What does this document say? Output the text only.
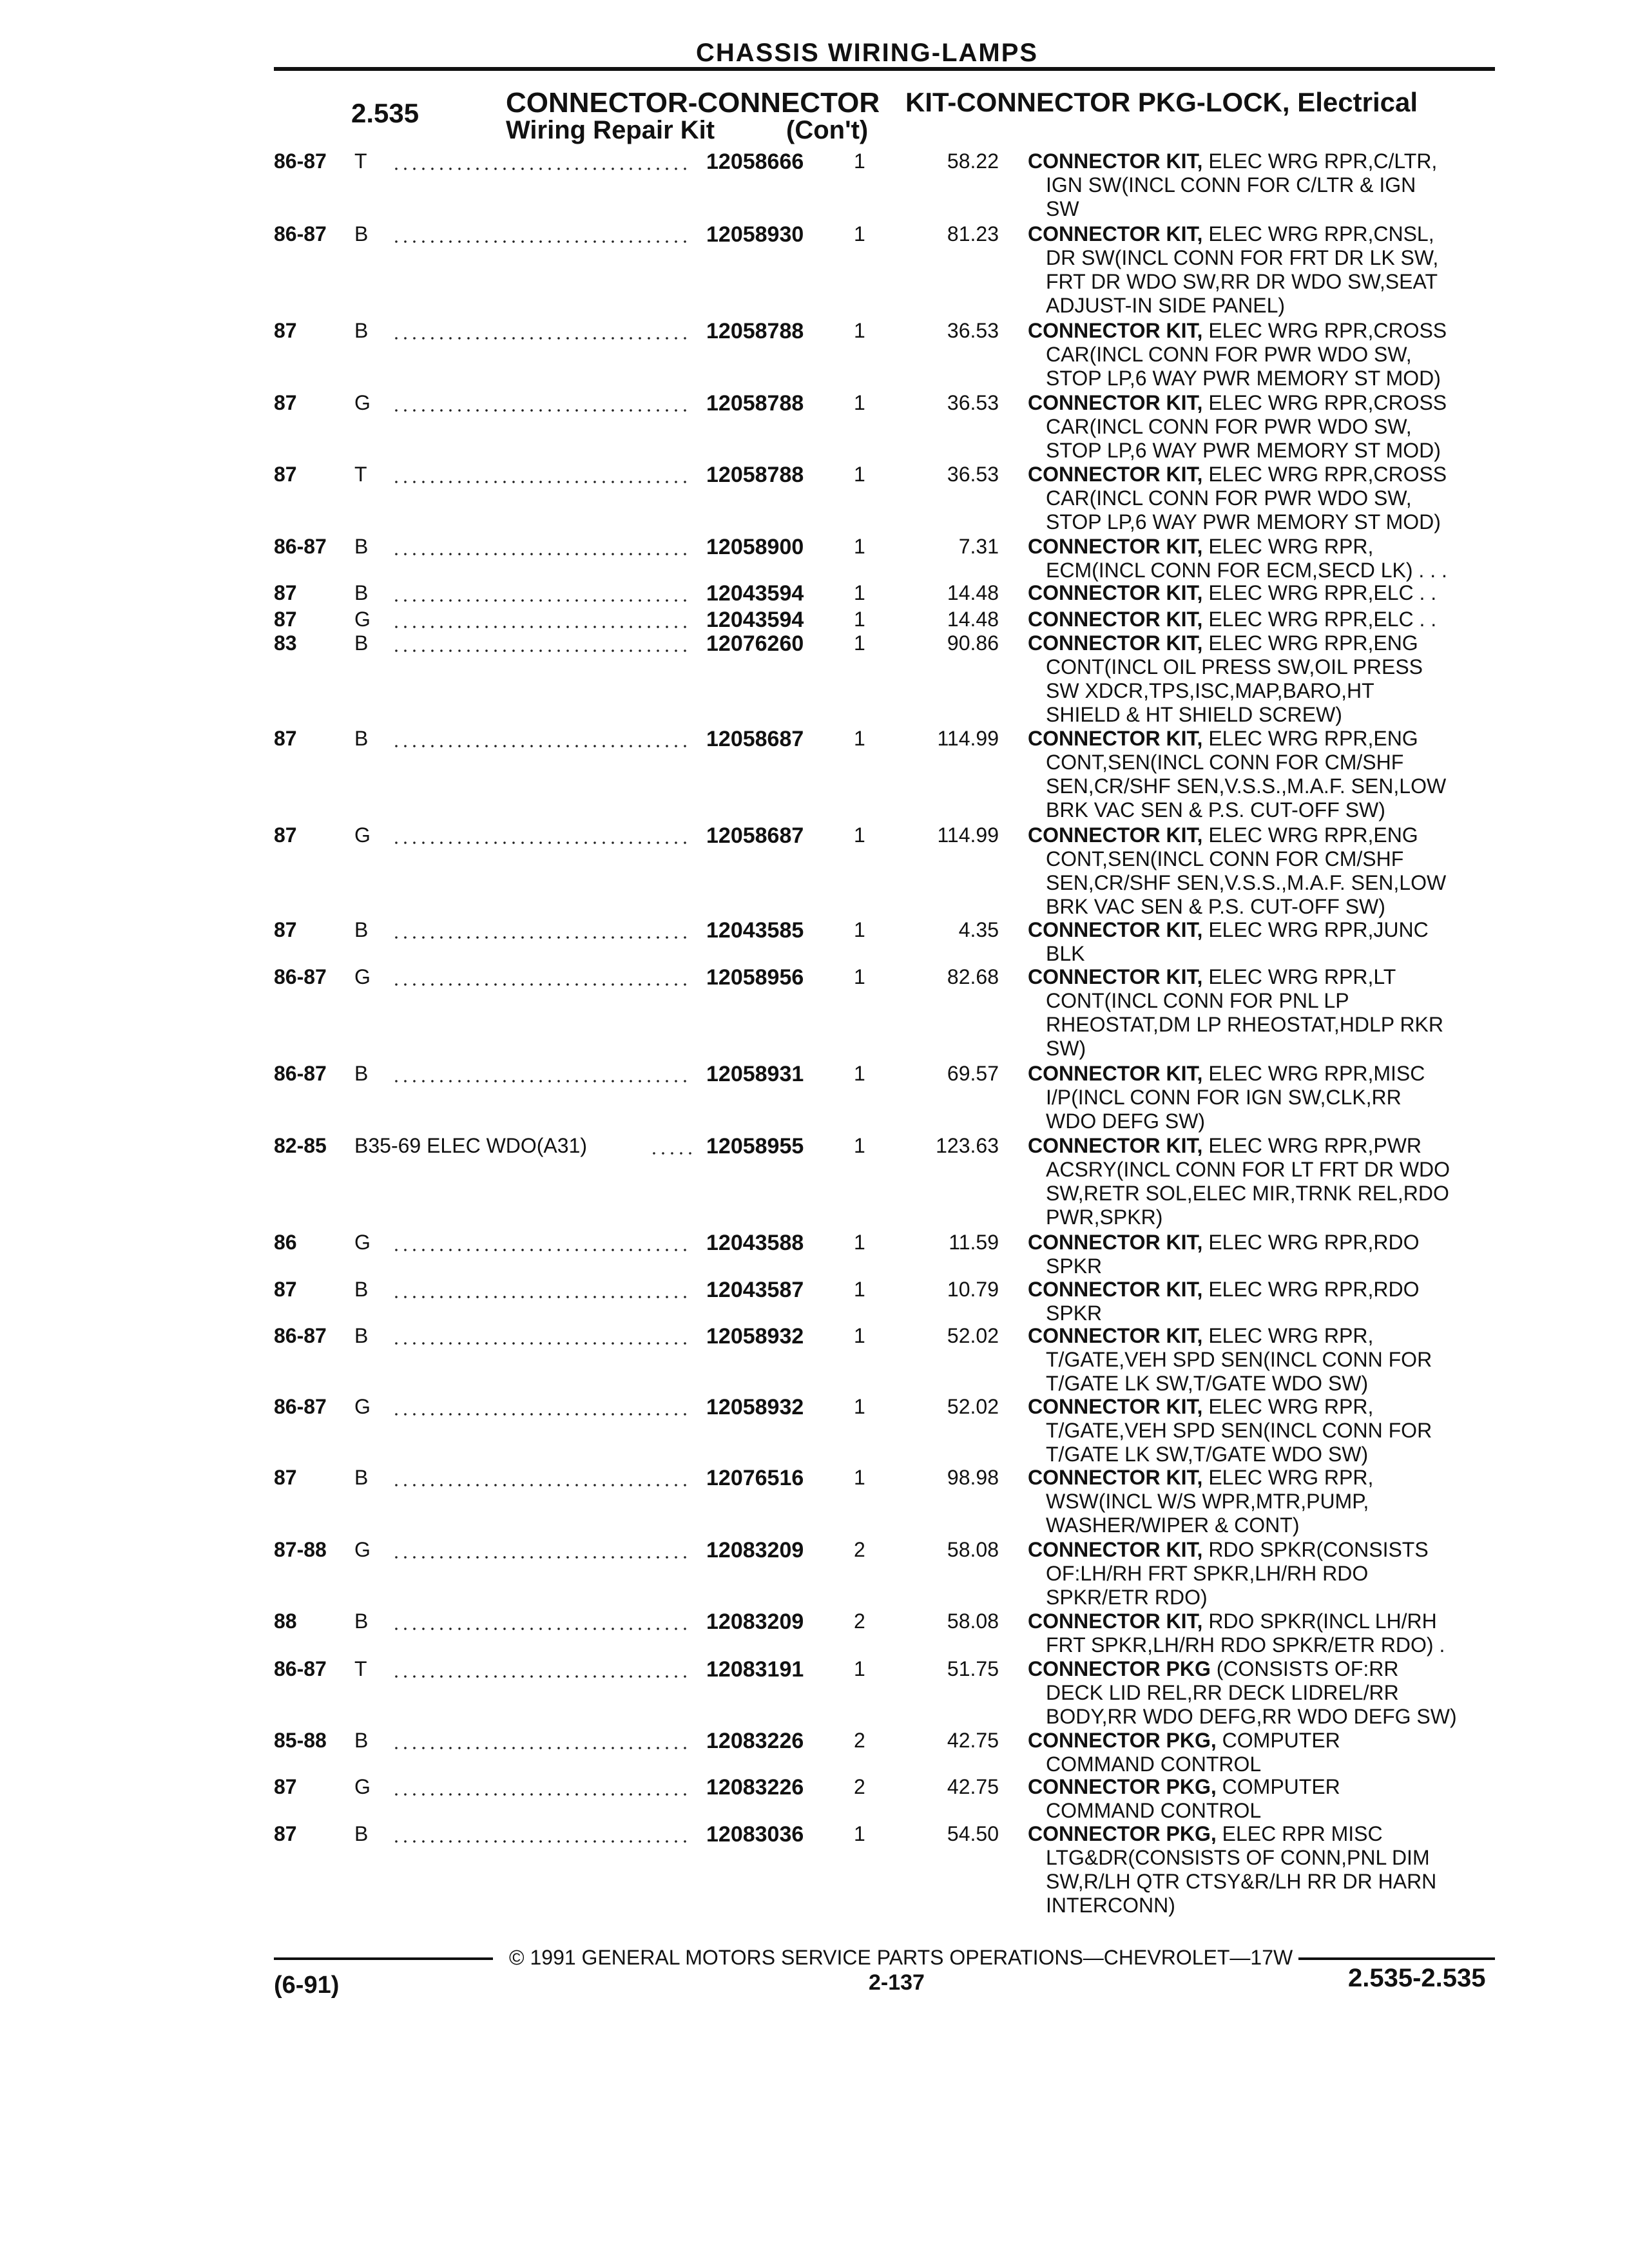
CHASSIS WIRING-LAMPS
2.535	CONNECTOR-CONNECTOR KIT-CONNECTOR PKG-LOCK, Electrical
Wiring Repair Kit	(Con't)
86-87 T	12058666 1	58.22 CONNECTOR KIT, ELEC WRG RPR,C/LTR,
IGN SW(INCL CONN FOR C/LTR & IGN
SW
86-87 B	12058930 1	81.23 CONNECTOR KIT, ELEC WRG RPR,CNSL,
DR SW(INCL CONN FOR FRT DR LK SW,
FRT DR WDO SW,RR DR WDO SW,SEAT
ADJUST-IN SIDE PANEL)
87	B	12058788 1	36.53 CONNECTOR KIT, ELEC WRG RPR,CROSS
CAR(INCL CONN FOR PWR WDO SW,
STOP LP,6 WAY PWR MEMORY ST MOD)
87	G	12058788 1	36.53 CONNECTOR KIT, ELEC WRG RPR,CROSS
CAR(INCL CONN FOR PWR WDO SW,
STOP LP,6 WAY PWR MEMORY ST MOD)
87	T	12058788 1	36.53 CONNECTOR KIT, ELEC WRG RPR,CROSS
CAR(INCL CONN FOR PWR WDO SW,
STOP LP,6 WAY PWR MEMORY ST MOD)
86-87 B	12058900 1	7.31 CONNECTOR KIT, ELEC WRG RPR,
ECM(INCL CONN FOR ECM,SECD LK) . . .
87	B	12043594 1	14.48 CONNECTOR KIT, ELEC WRG RPR,ELC . .
87	G	12043594 1	14.48 CONNECTOR KIT, ELEC WRG RPR,ELC . .
83	B	12076260 1	90.86 CONNECTOR KIT, ELEC WRG RPR,ENG
CONT(INCL OIL PRESS SW,OIL PRESS
SW XDCR,TPS,ISC,MAP,BARO,HT
SHIELD & HT SHIELD SCREW)
87	B	12058687 1	114.99 CONNECTOR KIT, ELEC WRG RPR,ENG
CONT,SEN(INCL CONN FOR CM/SHF
SEN,CR/SHF SEN,V.S.S.,M.A.F. SEN,LOW
BRK VAC SEN & P.S. CUT-OFF SW)
87	G	12058687 1	114.99 CONNECTOR KIT, ELEC WRG RPR,ENG
CONT,SEN(INCL CONN FOR CM/SHF
SEN,CR/SHF SEN,V.S.S.,M.A.F. SEN,LOW
BRK VAC SEN & P.S. CUT-OFF SW)
87	B	12043585 1	4.35 CONNECTOR KIT, ELEC WRG RPR,JUNC
BLK
86-87 G	12058956 1	82.68 CONNECTOR KIT, ELEC WRG RPR,LT
CONT(INCL CONN FOR PNL LP
RHEOSTAT,DM LP RHEOSTAT,HDLP RKR
SW)
86-87 B	12058931 1	69.57 CONNECTOR KIT, ELEC WRG RPR,MISC
I/P(INCL CONN FOR IGN SW,CLK,RR
WDO DEFG SW)
82-85 B35-69 ELEC WDO(A31)	12058955 1	123.63 CONNECTOR KIT, ELEC WRG RPR,PWR
ACSRY(INCL CONN FOR LT FRT DR WDO
SW,RETR SOL,ELEC MIR,TRNK REL,RDO
PWR,SPKR)
86	G	12043588 1	11.59 CONNECTOR KIT, ELEC WRG RPR,RDO
SPKR
87	B	12043587 1	10.79 CONNECTOR KIT, ELEC WRG RPR,RDO
SPKR
86-87 B	12058932 1	52.02 CONNECTOR KIT, ELEC WRG RPR,
T/GATE,VEH SPD SEN(INCL CONN FOR
T/GATE LK SW,T/GATE WDO SW)
86-87 G	12058932 1	52.02 CONNECTOR KIT, ELEC WRG RPR,
T/GATE,VEH SPD SEN(INCL CONN FOR
T/GATE LK SW,T/GATE WDO SW)
87	B	12076516 1	98.98 CONNECTOR KIT, ELEC WRG RPR,
WSW(INCL W/S WPR,MTR,PUMP,
WASHER/WIPER & CONT)
87-88 G	12083209 2	58.08 CONNECTOR KIT, RDO SPKR(CONSISTS
OF:LH/RH FRT SPKR,LH/RH RDO
SPKR/ETR RDO)
88	B	12083209 2	58.08 CONNECTOR KIT, RDO SPKR(INCL LH/RH
FRT SPKR,LH/RH RDO SPKR/ETR RDO) .
86-87 T	12083191 1	51.75 CONNECTOR PKG (CONSISTS OF:RR
DECK LID REL,RR DECK LIDREL/RR
BODY,RR WDO DEFG,RR WDO DEFG SW)
85-88 B	12083226 2	42.75 CONNECTOR PKG, COMPUTER
COMMAND CONTROL
87	G	12083226 2	42.75 CONNECTOR PKG, COMPUTER
COMMAND CONTROL
87	B	12083036 1	54.50 CONNECTOR PKG, ELEC RPR MISC
LTG&DR(CONSISTS OF CONN,PNL DIM
SW,R/LH QTR CTSY&R/LH RR DR HARN
INTERCONN)
© 1991 GENERAL MOTORS SERVICE PARTS OPERATIONS—CHEVROLET—17W
(6-91)	2-137	2.535-2.535
